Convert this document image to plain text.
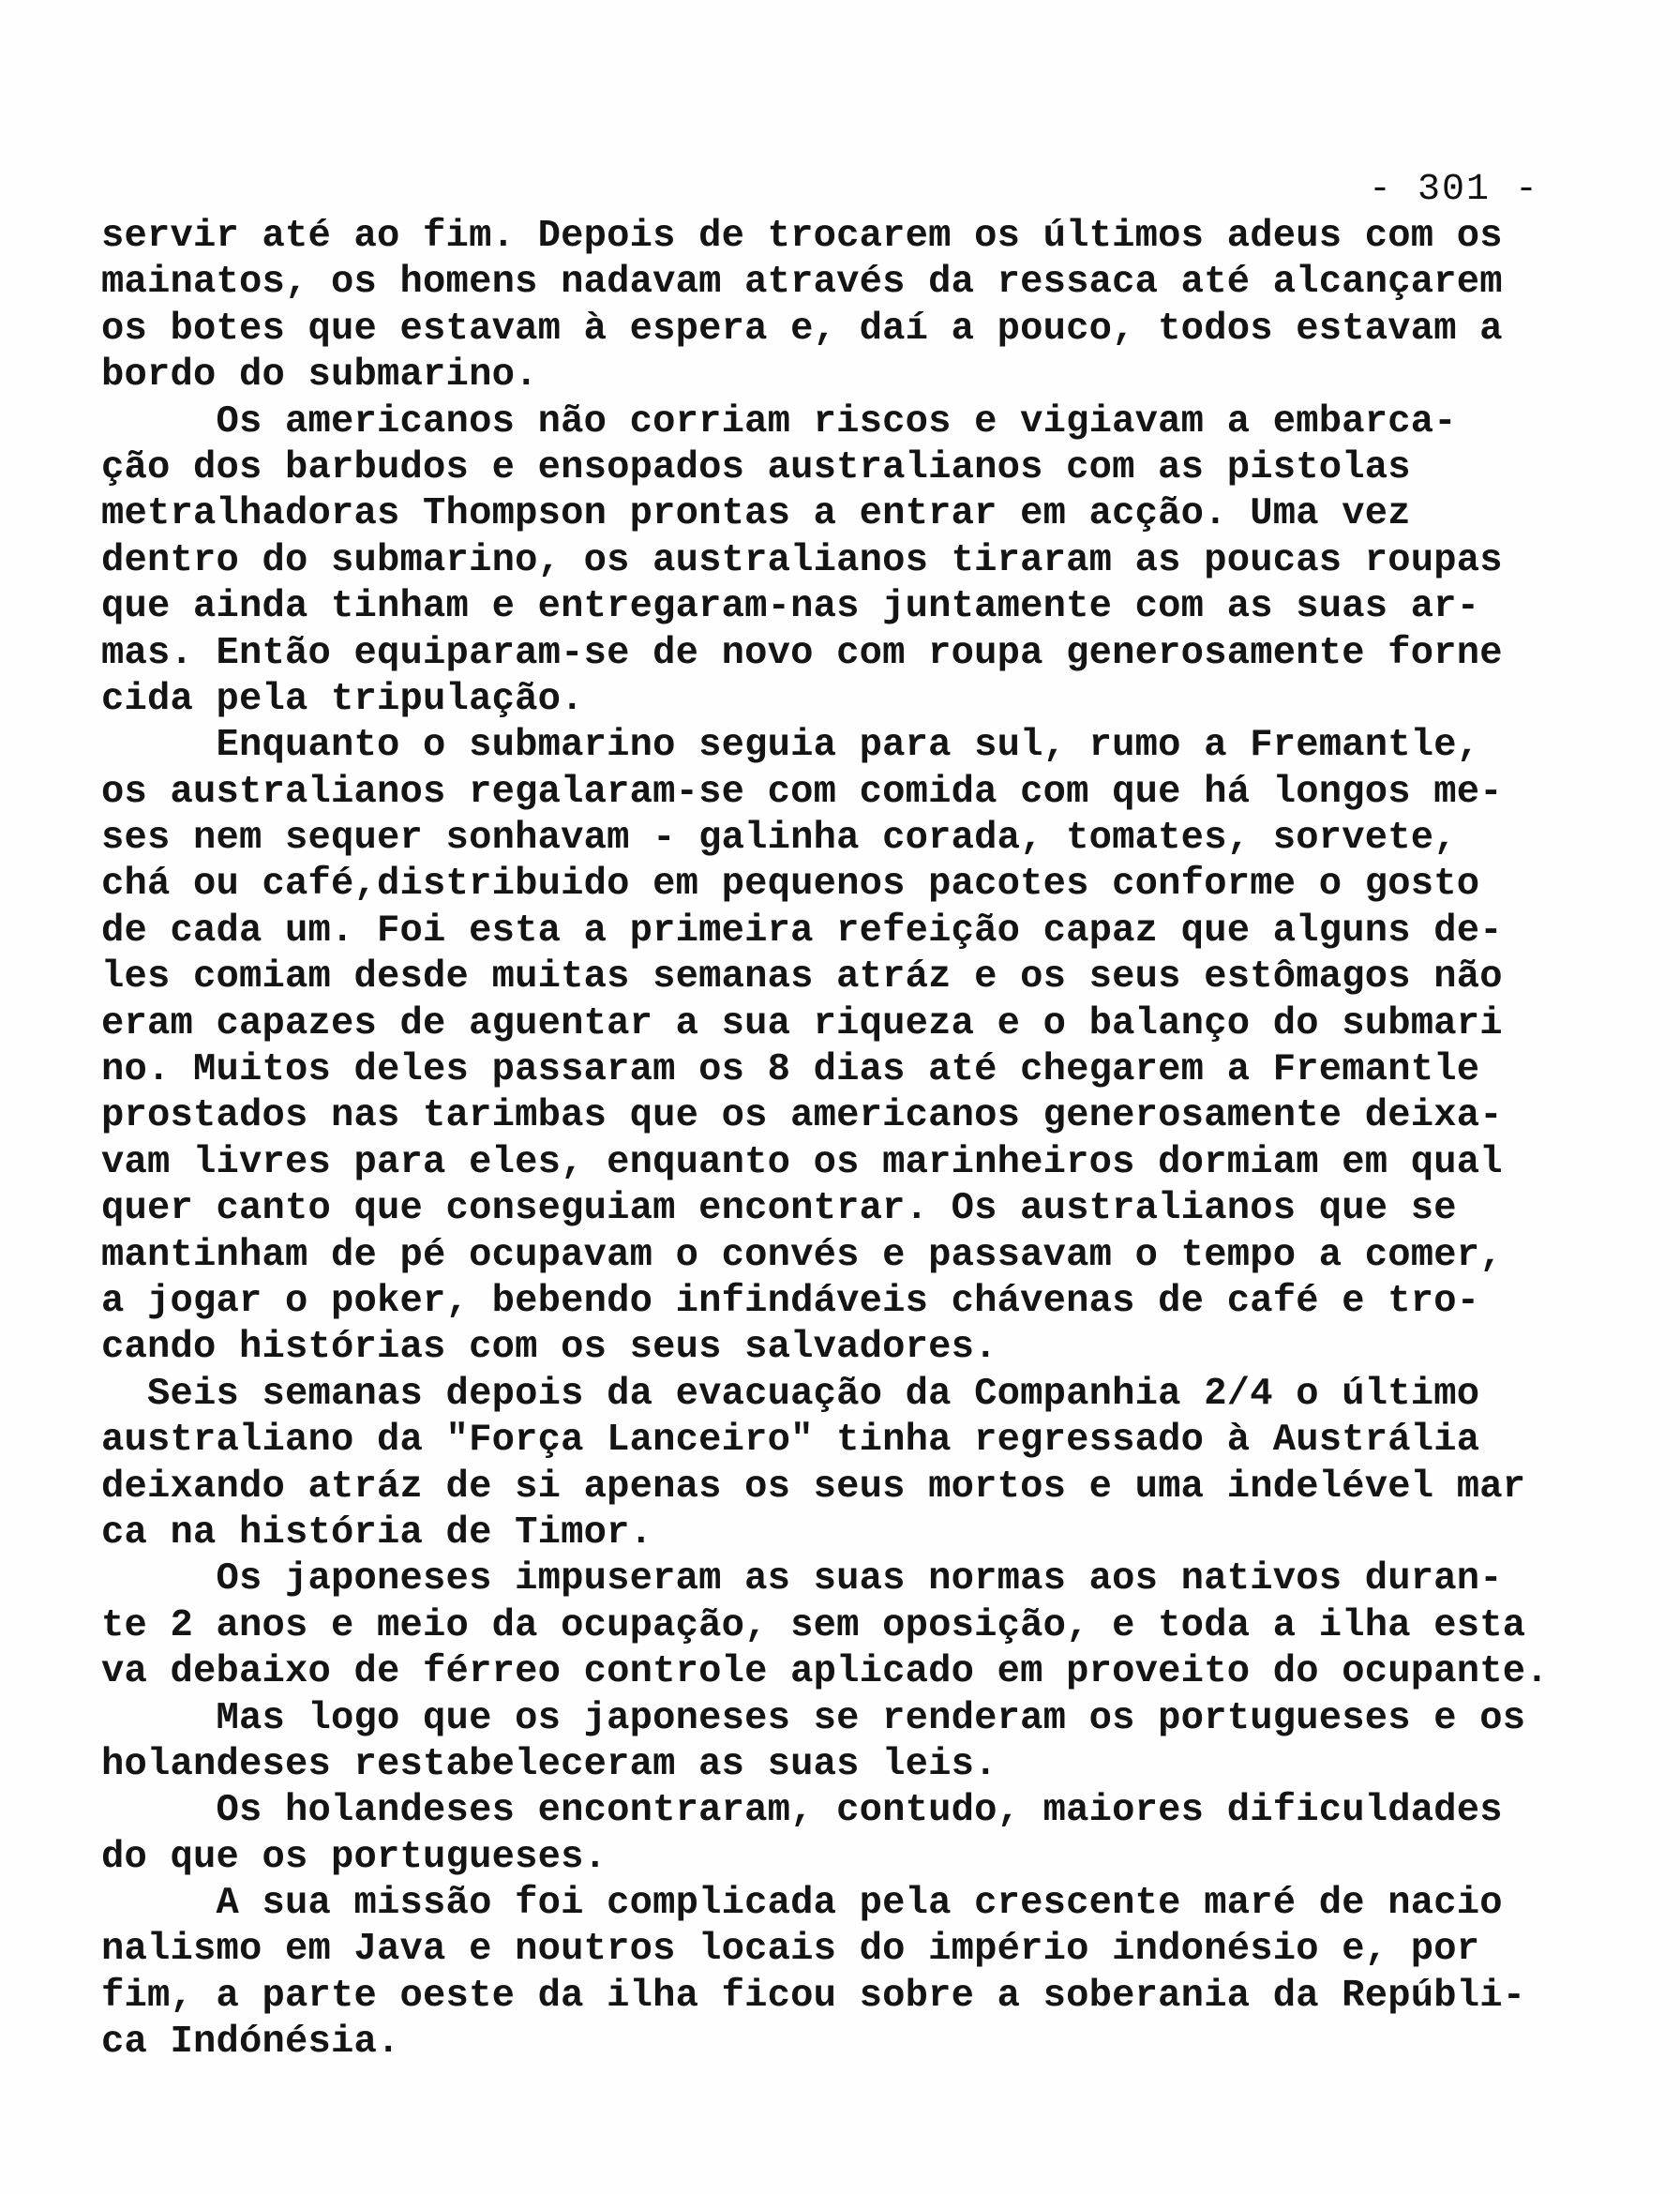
- 301 -
servir até ao fim. Depois de trocarem os últimos adeus com os
mainatos, os homens nadavam através da ressaca até alcançarem
os botes que estavam à espera e, daí a pouco, todos estavam a
bordo do submarino.
Os americanos não corriam riscos e vigiavam a embarca-
ção dos barbudos e ensopados australianos com as pistolas
metralhadoras Thompson prontas a entrar em acção. Uma vez
dentro do submarino, os australianos tiraram as poucas roupas
que ainda tinham e entregaram-nas juntamente com as suas ar-
mas. Então equiparam-se de novo com roupa generosamente forne
cida pela tripulação.
Enquanto o submarino seguia para sul, rumo a Fremantle,
os australianos regalaram-se com comida com que há longos me-
ses nem sequer sonhavam - galinha corada, tomates, sorvete,
chá ou café,distribuido em pequenos pacotes conforme o gosto
de cada um. Foi esta a primeira refeição capaz que alguns de-
les comiam desde muitas semanas atráz e os seus estômagos não
eram capazes de aguentar a sua riqueza e o balanço do submari
no. Muitos deles passaram os 8 dias até chegarem a Fremantle
prostados nas tarimbas que os americanos generosamente deixa-
vam livres para eles, enquanto os marinheiros dormiam em qual
quer canto que conseguiam encontrar. Os australianos que se
mantinham de pé ocupavam o convés e passavam o tempo a comer,
a jogar o poker, bebendo infindáveis chávenas de café e tro-
cando histórias com os seus salvadores.
Seis semanas depois da evacuação da Companhia 2/4 o último
australiano da "Força Lanceiro" tinha regressado à Austrália
deixando atráz de si apenas os seus mortos e uma indelével mar
ca na história de Timor.
Os japoneses impuseram as suas normas aos nativos duran-
te 2 anos e meio da ocupação, sem oposição, e toda a ilha esta
va debaixo de férreo controle aplicado em proveito do ocupante.
Mas logo que os japoneses se renderam os portugueses e os
holandeses restabeleceram as suas leis.
Os holandeses encontraram, contudo, maiores dificuldades
do que os portugueses.
A sua missão foi complicada pela crescente maré de nacio
nalismo em Java e noutros locais do império indonésio e, por
fim, a parte oeste da ilha ficou sobre a soberania da Repúbli-
ca Indónésia.
